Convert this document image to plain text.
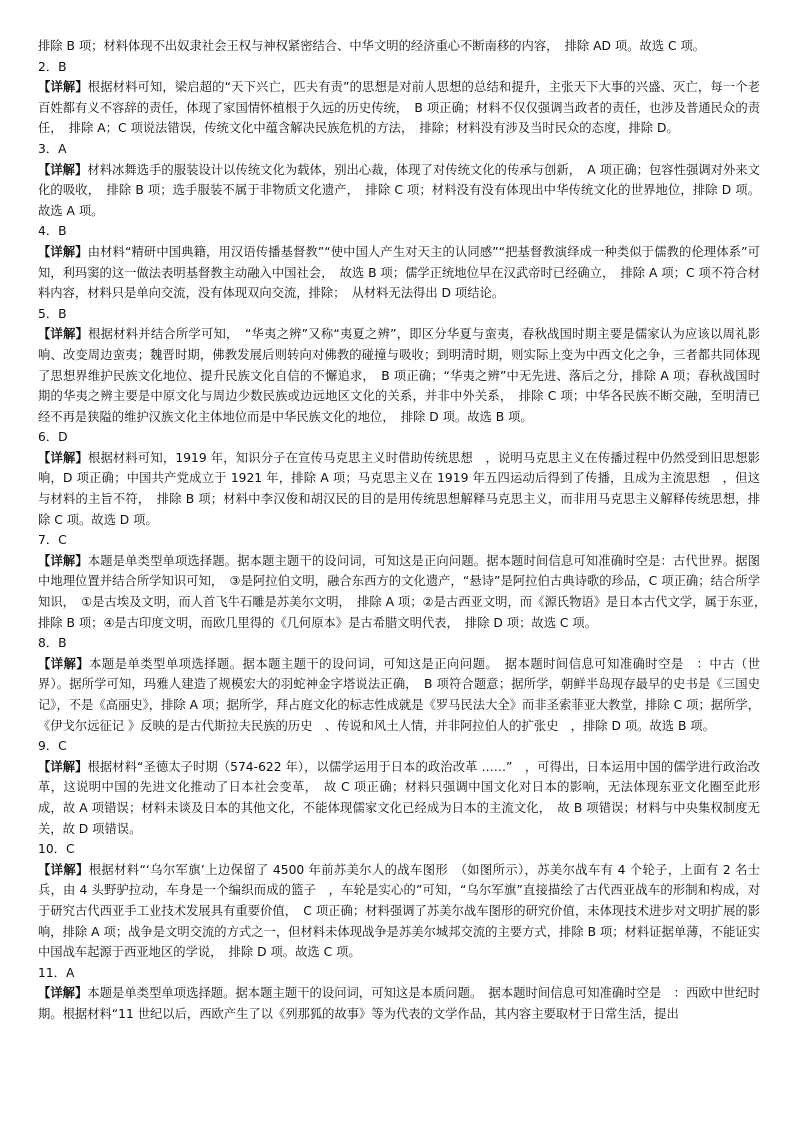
排除 B 项；材料体现不出奴隶社会王权与神权紧密结合、中华文明的经济重心不断南移的内容，　排除 AD 项。故选 C 项。

2．B

【详解】根据材料可知，梁启超的“天下兴亡，匹夫有责”的思想是对前人思想的总结和提升，主张天下大事的兴盛、灭亡，每一个老百姓都有义不容辞的责任，体现了家国情怀植根于久远的历史传统，　B 项正确；材料不仅仅强调当政者的责任，也涉及普通民众的责任，　排除 A；C 项说法错误，传统文化中蕴含解决民族危机的方法，　排除；材料没有涉及当时民众的态度，排除 D。

3．A

【详解】材料冰舞选手的服装设计以传统文化为载体，别出心裁，体现了对传统文化的传承与创新，　A 项正确；包容性强调对外来文化的吸收，　排除 B 项；选手服装不属于非物质文化遗产，　排除 C 项；材料没有没有体现出中华传统文化的世界地位，排除 D 项。故选 A 项。

4．B

【详解】由材料“精研中国典籍，用汉语传播基督教”“使中国人产生对天主的认同感”“把基督教演绎成一种类似于儒教的伦理体系”可知，利玛窦的这一做法表明基督教主动融入中国社会，　故选 B 项；儒学正统地位早在汉武帝时已经确立，　排除 A 项；C 项不符合材料内容，材料只是单向交流，没有体现双向交流，排除；　从材料无法得出 D 项结论。

5．B

【详解】根据材料并结合所学可知，　“华夷之辨”又称“夷夏之辨”，即区分华夏与蛮夷，春秋战国时期主要是儒家认为应该以周礼影响、改变周边蛮夷；魏晋时期，佛教发展后则转向对佛教的碰撞与吸收；到明清时期，则实际上变为中西文化之争，三者都共同体现了思想界维护民族文化地位、提升民族文化自信的不懈追求，　B 项正确；“华夷之辨”中无先进、落后之分，排除 A 项；春秋战国时期的华夷之辨主要是中原文化与周边少数民族或边远地区文化的关系，并非中外关系，　排除 C 项；中华各民族不断交融，至明清已经不再是狭隘的维护汉族文化主体地位而是中华民族文化的地位，　排除 D 项。故选 B 项。

6．D

【详解】根据材料可知，1919 年，知识分子在宣传马克思主义时借助传统思想　，说明马克思主义在传播过程中仍然受到旧思想影响，D 项正确；中国共产党成立于 1921 年，排除 A 项；马克思主义在 1919 年五四运动后得到了传播，且成为主流思想　，但这与材料的主旨不符，　排除 B 项；材料中李汉俊和胡汉民的目的是用传统思想解释马克思主义，而非用马克思主义解释传统思想，排除 C 项。故选 D 项。

7．C

【详解】本题是单类型单项选择题。据本题主题干的设问词，可知这是正向问题。据本题时间信息可知准确时空是：古代世界。据图中地理位置并结合所学知识可知，　③是阿拉伯文明，融合东西方的文化遗产，“悬诗”是阿拉伯古典诗歌的珍品，C 项正确；结合所学知识，　①是古埃及文明，而人首飞牛石雕是苏美尔文明，　排除 A 项；②是古西亚文明，而《源氏物语》是日本古代文学，属于东亚，　排除 B 项；④是古印度文明，而欧几里得的《几何原本》是古希腊文明代表，　排除 D 项；故选 C 项。

8．B

【详解】本题是单类型单项选择题。据本题主题干的设问词，可知这是正向问题。　据本题时间信息可知准确时空是　：中古（世界）。据所学可知，玛雅人建造了规模宏大的羽蛇神金字塔说法正确，　B 项符合题意；据所学，朝鲜半岛现存最早的史书是《三国史记》，不是《高丽史》，排除 A 项；据所学，拜占庭文化的标志性成就是《罗马民法大全》而非圣索菲亚大教堂，排除 C 项；据所学，《伊戈尔远征记 》反映的是古代斯拉夫民族的历史　、传说和风土人情，并非阿拉伯人的扩张史　，排除 D 项。故选 B 项。

9．C

【详解】根据材料“圣德太子时期（574-622 年），以儒学运用于日本的政治改革 ……”　，可得出，日本运用中国的儒学进行政治改革，这说明中国的先进文化推动了日本社会变革，　故 C 项正确；材料只强调中国文化对日本的影响，无法体现东亚文化圈至此形成，故 A 项错误；材料未谈及日本的其他文化，不能体现儒家文化已经成为日本的主流文化，　故 B 项错误；材料与中央集权制度无关，故 D 项错误。

10．C

【详解】根据材料“‘乌尔军旗’上边保留了 4500 年前苏美尔人的战车图形　（如图所示），苏美尔战车有 4 个轮子，上面有 2 名士兵，由 4 头野驴拉动，车身是一个编织而成的篮子　，车轮是实心的”可知，“乌尔军旗”直接描绘了古代西亚战车的形制和构成，对于研究古代西亚手工业技术发展具有重要价值，　C 项正确；材料强调了苏美尔战车图形的研究价值，未体现技术进步对文明扩展的影响，排除 A 项；战争是文明交流的方式之一，但材料未体现战争是苏美尔城邦交流的主要方式，排除 B 项；材料证据单薄，不能证实中国战车起源于西亚地区的学说，　排除 D 项。故选 C 项。

11．A

【详解】本题是单类型单项选择题。据本题主题干的设问词，可知这是本质问题。　据本题时间信息可知准确时空是　：西欧中世纪时期。根据材料“11 世纪以后，西欧产生了以《列那狐的故事》等为代表的文学作品，其内容主要取材于日常生活，提出
